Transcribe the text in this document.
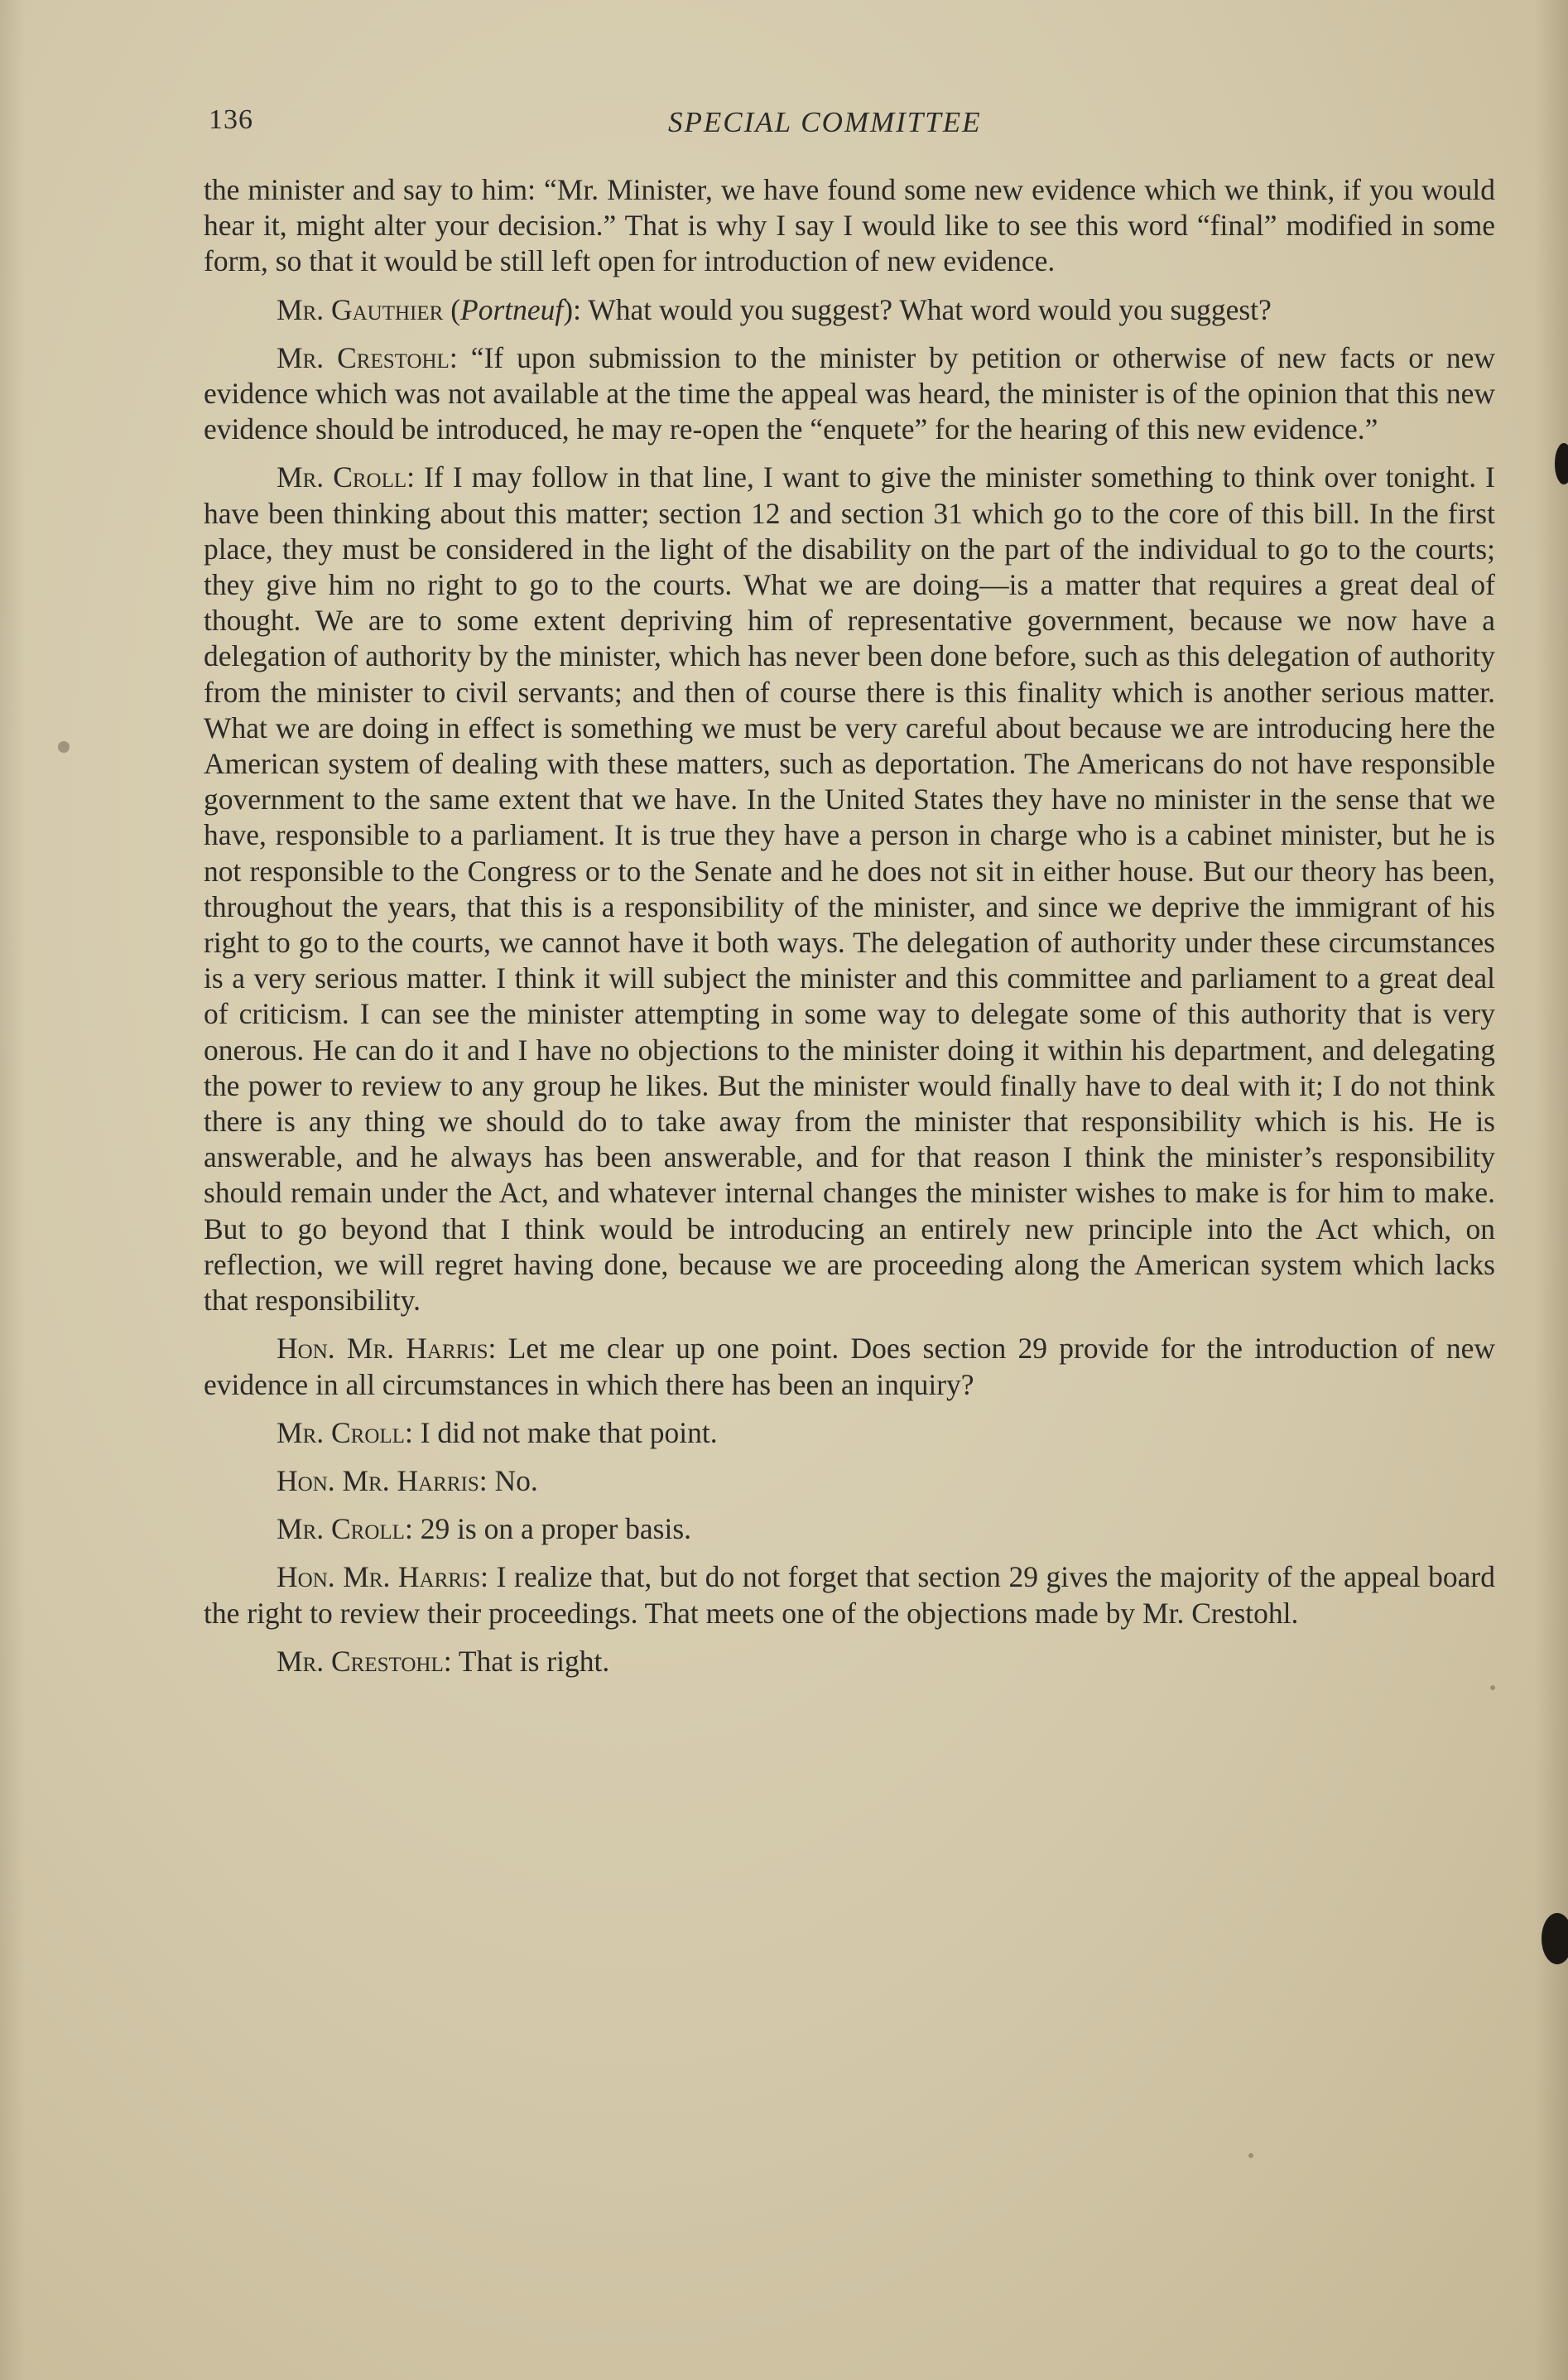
136	SPECIAL COMMITTEE

the minister and say to him: “Mr. Minister, we have found some new evidence which we think, if you would hear it, might alter your decision.” That is why I say I would like to see this word “final” modified in some form, so that it would be still left open for introduction of new evidence.

Mr. Gauthier (Portneuf): What would you suggest? What word would you suggest?

Mr. Crestohl: “If upon submission to the minister by petition or otherwise of new facts or new evidence which was not available at the time the appeal was heard, the minister is of the opinion that this new evidence should be introduced, he may re-open the “enquete” for the hearing of this new evidence.”

Mr. Croll: If I may follow in that line, I want to give the minister something to think over tonight. I have been thinking about this matter; section 12 and section 31 which go to the core of this bill. In the first place, they must be considered in the light of the disability on the part of the individual to go to the courts; they give him no right to go to the courts. What we are doing—is a matter that requires a great deal of thought. We are to some extent depriving him of representative government, because we now have a delegation of authority by the minister, which has never been done before, such as this delegation of authority from the minister to civil servants; and then of course there is this finality which is another serious matter. What we are doing in effect is something we must be very careful about because we are introducing here the American system of dealing with these matters, such as deportation. The Americans do not have responsible government to the same extent that we have. In the United States they have no minister in the sense that we have, responsible to a parliament. It is true they have a person in charge who is a cabinet minister, but he is not responsible to the Congress or to the Senate and he does not sit in either house. But our theory has been, throughout the years, that this is a responsibility of the minister, and since we deprive the immigrant of his right to go to the courts, we cannot have it both ways. The delegation of authority under these circumstances is a very serious matter. I think it will subject the minister and this committee and parliament to a great deal of criticism. I can see the minister attempting in some way to delegate some of this authority that is very onerous. He can do it and I have no objections to the minister doing it within his department, and delegating the power to review to any group he likes. But the minister would finally have to deal with it; I do not think there is any thing we should do to take away from the minister that responsibility which is his. He is answerable, and he always has been answerable, and for that reason I think the minister’s responsibility should remain under the Act, and whatever internal changes the minister wishes to make is for him to make. But to go beyond that I think would be introducing an entirely new principle into the Act which, on reflection, we will regret having done, because we are proceeding along the American system which lacks that responsibility.

Hon. Mr. Harris: Let me clear up one point. Does section 29 provide for the introduction of new evidence in all circumstances in which there has been an inquiry?

Mr. Croll: I did not make that point.

Hon. Mr. Harris: No.

Mr. Croll: 29 is on a proper basis.

Hon. Mr. Harris: I realize that, but do not forget that section 29 gives the majority of the appeal board the right to review their proceedings. That meets one of the objections made by Mr. Crestohl.

Mr. Crestohl: That is right.
